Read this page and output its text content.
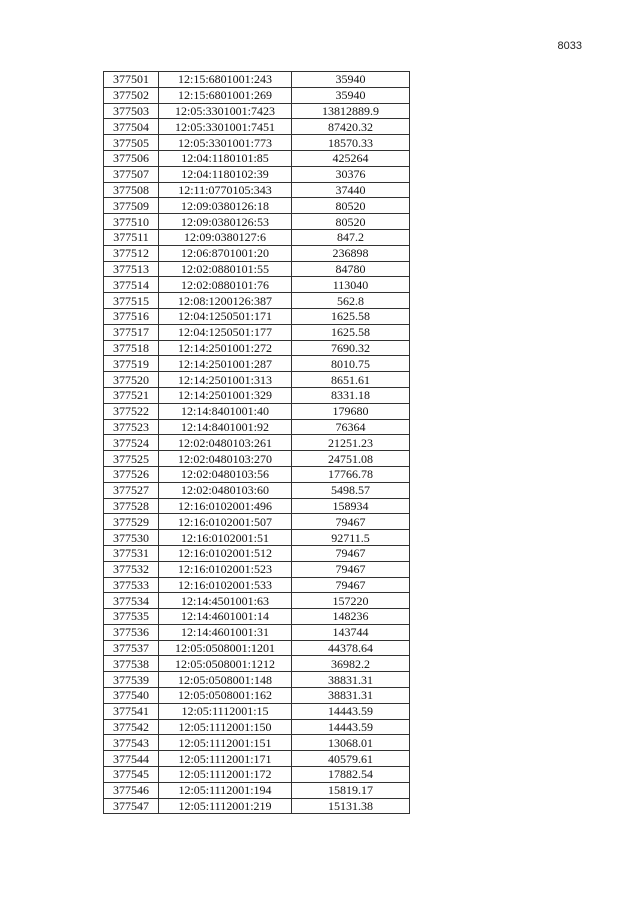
8033
377501	12:15:6801001:243	35940
377502	12:15:6801001:269	35940
377503	12:05:3301001:7423	13812889.9
377504	12:05:3301001:7451	87420.32
377505	12:05:3301001:773	18570.33
377506	12:04:1180101:85	425264
377507	12:04:1180102:39	30376
377508	12:11:0770105:343	37440
377509	12:09:0380126:18	80520
377510	12:09:0380126:53	80520
377511	12:09:0380127:6	847.2
377512	12:06:8701001:20	236898
377513	12:02:0880101:55	84780
377514	12:02:0880101:76	113040
377515	12:08:1200126:387	562.8
377516	12:04:1250501:171	1625.58
377517	12:04:1250501:177	1625.58
377518	12:14:2501001:272	7690.32
377519	12:14:2501001:287	8010.75
377520	12:14:2501001:313	8651.61
377521	12:14:2501001:329	8331.18
377522	12:14:8401001:40	179680
377523	12:14:8401001:92	76364
377524	12:02:0480103:261	21251.23
377525	12:02:0480103:270	24751.08
377526	12:02:0480103:56	17766.78
377527	12:02:0480103:60	5498.57
377528	12:16:0102001:496	158934
377529	12:16:0102001:507	79467
377530	12:16:0102001:51	92711.5
377531	12:16:0102001:512	79467
377532	12:16:0102001:523	79467
377533	12:16:0102001:533	79467
377534	12:14:4501001:63	157220
377535	12:14:4601001:14	148236
377536	12:14:4601001:31	143744
377537	12:05:0508001:1201	44378.64
377538	12:05:0508001:1212	36982.2
377539	12:05:0508001:148	38831.31
377540	12:05:0508001:162	38831.31
377541	12:05:1112001:15	14443.59
377542	12:05:1112001:150	14443.59
377543	12:05:1112001:151	13068.01
377544	12:05:1112001:171	40579.61
377545	12:05:1112001:172	17882.54
377546	12:05:1112001:194	15819.17
377547	12:05:1112001:219	15131.38
